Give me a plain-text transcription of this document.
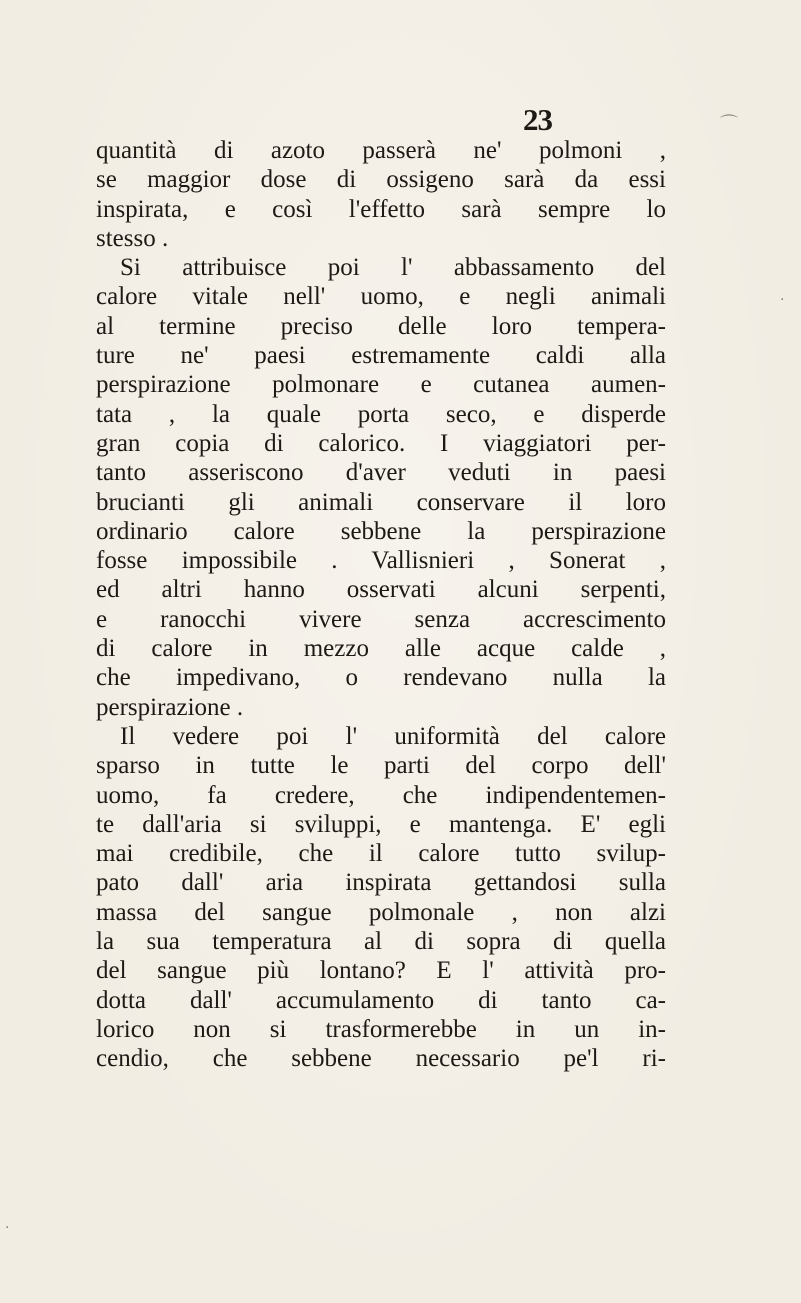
23
quantità di azoto passerà ne' polmoni ,
se maggior dose di ossigeno sarà da essi
inspirata, e così l'effetto sarà sempre lo
stesso .
Si attribuisce poi l' abbassamento del
calore vitale nell' uomo, e negli animali
al termine preciso delle loro tempera-
ture ne' paesi estremamente caldi alla
perspirazione polmonare e cutanea aumen-
tata , la quale porta seco, e disperde
gran copia di calorico. I viaggiatori per-
tanto asseriscono d'aver veduti in paesi
brucianti gli animali conservare il loro
ordinario calore sebbene la perspirazione
fosse impossibile . Vallisnieri , Sonerat ,
ed altri hanno osservati alcuni serpenti,
e ranocchi vivere senza accrescimento
di calore in mezzo alle acque calde ,
che impedivano, o rendevano nulla la
perspirazione .
Il vedere poi l' uniformità del calore
sparso in tutte le parti del corpo dell'
uomo, fa credere, che indipendentemen-
te dall'aria si sviluppi, e mantenga. E' egli
mai credibile, che il calore tutto svilup-
pato dall' aria inspirata gettandosi sulla
massa del sangue polmonale , non alzi
la sua temperatura al di sopra di quella
del sangue più lontano? E l' attività pro-
dotta dall' accumulamento di tanto ca-
lorico non si trasformerebbe in un in-
cendio, che sebbene necessario pe'l ri-
⌒
·
·
